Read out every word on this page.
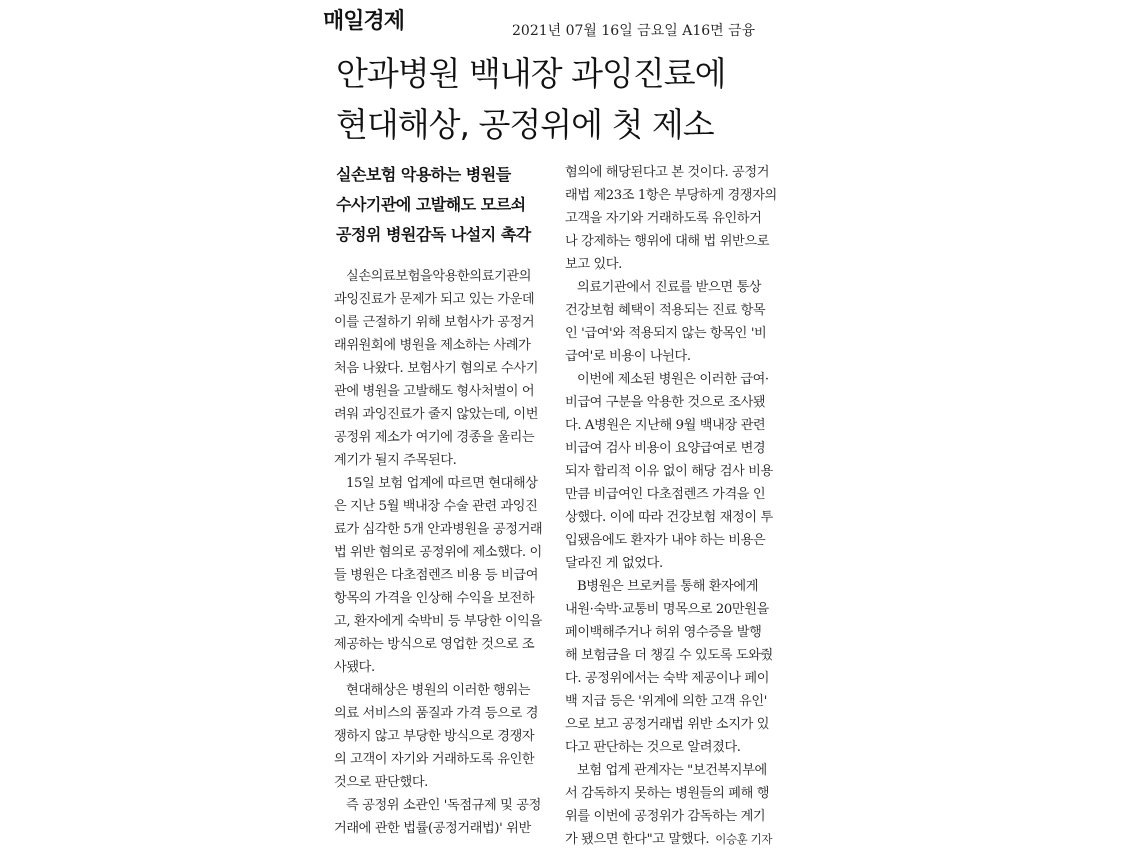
매일경제	2021년 07월 16일 금요일 A16면 금융
안과병원 백내장 과잉진료에
현대해상, 공정위에 첫 제소
실손보험 악용하는 병원들
수사기관에 고발해도 모르쇠
공정위 병원감독 나설지 촉각
실손의료보험을악용한의료기관의
과잉진료가 문제가 되고 있는 가운데
이를 근절하기 위해 보험사가 공정거
래위원회에 병원을 제소하는 사례가
처음 나왔다. 보험사기 혐의로 수사기
관에 병원을 고발해도 형사처벌이 어
려워 과잉진료가 줄지 않았는데, 이번
공정위 제소가 여기에 경종을 울리는
계기가 될지 주목된다.
15일 보험 업계에 따르면 현대해상
은 지난 5월 백내장 수술 관련 과잉진
료가 심각한 5개 안과병원을 공정거래
법 위반 혐의로 공정위에 제소했다. 이
들 병원은 다초점렌즈 비용 등 비급여
항목의 가격을 인상해 수익을 보전하
고, 환자에게 숙박비 등 부당한 이익을
제공하는 방식으로 영업한 것으로 조
사됐다.
현대해상은 병원의 이러한 행위는
의료 서비스의 품질과 가격 등으로 경
쟁하지 않고 부당한 방식으로 경쟁자
의 고객이 자기와 거래하도록 유인한
것으로 판단했다.
즉 공정위 소관인 '독점규제 및 공정
거래에 관한 법률(공정거래법)' 위반
혐의에 해당된다고 본 것이다. 공정거
래법 제23조 1항은 부당하게 경쟁자의
고객을 자기와 거래하도록 유인하거
나 강제하는 행위에 대해 법 위반으로
보고 있다.
의료기관에서 진료를 받으면 통상
건강보험 혜택이 적용되는 진료 항목
인 '급여'와 적용되지 않는 항목인 '비
급여'로 비용이 나뉜다.
이번에 제소된 병원은 이러한 급여·
비급여 구분을 악용한 것으로 조사됐
다. A병원은 지난해 9월 백내장 관련
비급여 검사 비용이 요양급여로 변경
되자 합리적 이유 없이 해당 검사 비용
만큼 비급여인 다초점렌즈 가격을 인
상했다. 이에 따라 건강보험 재정이 투
입됐음에도 환자가 내야 하는 비용은
달라진 게 없었다.
B병원은 브로커를 통해 환자에게
내원·숙박·교통비 명목으로 20만원을
페이백해주거나 허위 영수증을 발행
해 보험금을 더 챙길 수 있도록 도와줬
다. 공정위에서는 숙박 제공이나 페이
백 지급 등은 '위계에 의한 고객 유인'
으로 보고 공정거래법 위반 소지가 있
다고 판단하는 것으로 알려졌다.
보험 업계 관계자는 "보건복지부에
서 감독하지 못하는 병원들의 폐해 행
위를 이번에 공정위가 감독하는 계기
가 됐으면 한다"고 말했다. 이승훈 기자
